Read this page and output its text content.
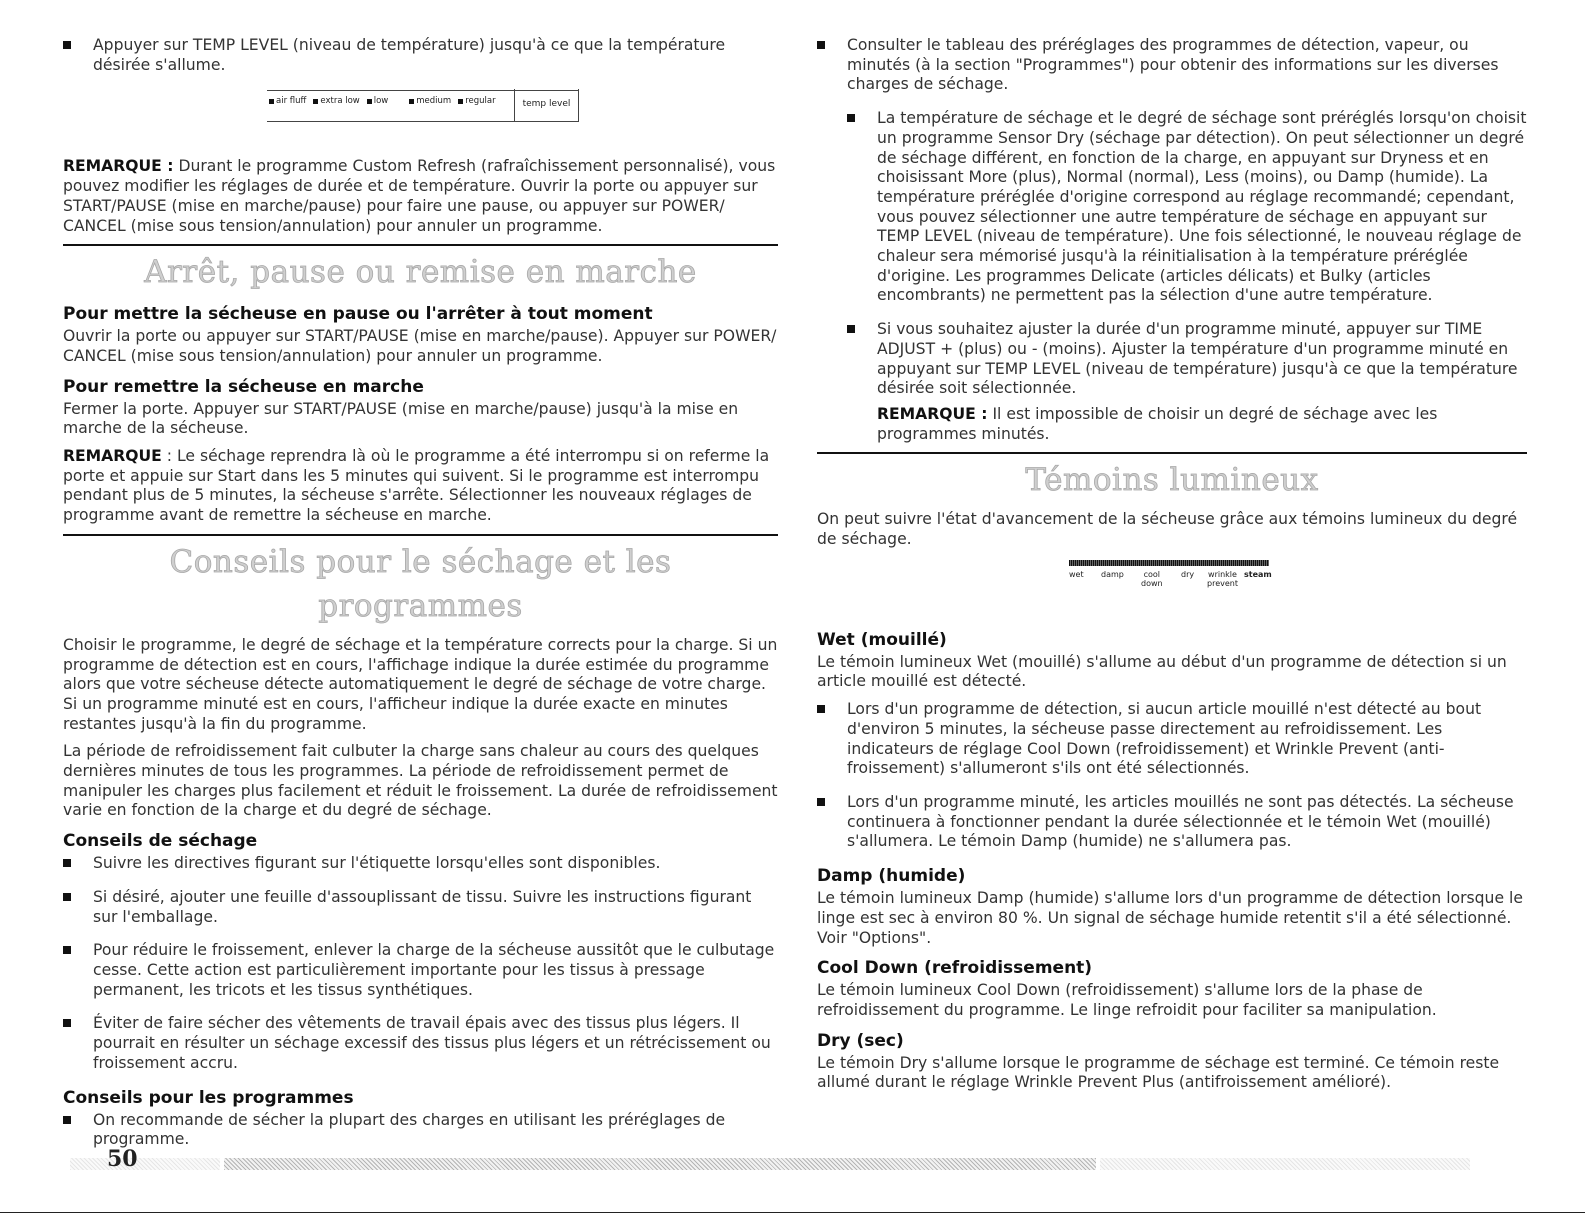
Appuyer sur TEMP LEVEL (niveau de température) jusqu'à ce que la température désirée s'allume.
air fluff extra low low	medium regular	temp level

REMARQUE : Durant le programme Custom Refresh (rafraîchissement personnalisé), vous pouvez modifier les réglages de durée et de température. Ouvrir la porte ou appuyer sur START/PAUSE (mise en marche/pause) pour faire une pause, ou appuyer sur POWER/ CANCEL (mise sous tension/annulation) pour annuler un programme.

Arrêt, pause ou remise en marche
Pour mettre la sécheuse en pause ou l'arrêter à tout moment

Ouvrir la porte ou appuyer sur START/PAUSE (mise en marche/pause). Appuyer sur POWER/ CANCEL (mise sous tension/annulation) pour annuler un programme.

Pour remettre la sécheuse en marche

Fermer la porte. Appuyer sur START/PAUSE (mise en marche/pause) jusqu'à la mise en marche de la sécheuse.

REMARQUE : Le séchage reprendra là où le programme a été interrompu si on referme la porte et appuie sur Start dans les 5 minutes qui suivent. Si le programme est interrompu pendant plus de 5 minutes, la sécheuse s'arrête. Sélectionner les nouveaux réglages de programme avant de remettre la sécheuse en marche.

Conseils pour le séchage et les programmes

Choisir le programme, le degré de séchage et la température corrects pour la charge. Si un programme de détection est en cours, l'affichage indique la durée estimée du programme alors que votre sécheuse détecte automatiquement le degré de séchage de votre charge. Si un programme minuté est en cours, l'afficheur indique la durée exacte en minutes restantes jusqu'à la fin du programme.

La période de refroidissement fait culbuter la charge sans chaleur au cours des quelques dernières minutes de tous les programmes. La période de refroidissement permet de manipuler les charges plus facilement et réduit le froissement. La durée de refroidissement varie en fonction de la charge et du degré de séchage.

Conseils de séchage
Suivre les directives figurant sur l'étiquette lorsqu'elles sont disponibles.
Si désiré, ajouter une feuille d'assouplissant de tissu. Suivre les instructions figurant sur l'emballage.
Pour réduire le froissement, enlever la charge de la sécheuse aussitôt que le culbutage cesse. Cette action est particulièrement importante pour les tissus à pressage permanent, les tricots et les tissus synthétiques.
Éviter de faire sécher des vêtements de travail épais avec des tissus plus légers. Il pourrait en résulter un séchage excessif des tissus plus légers et un rétrécissement ou froissement accru.
Conseils pour les programmes
On recommande de sécher la plupart des charges en utilisant les préréglages de programme.
Consulter le tableau des préréglages des programmes de détection, vapeur, ou minutés (à la section "Programmes") pour obtenir des informations sur les diverses charges de séchage.
La température de séchage et le degré de séchage sont préréglés lorsqu'on choisit un programme Sensor Dry (séchage par détection). On peut sélectionner un degré de séchage différent, en fonction de la charge, en appuyant sur Dryness et en choisissant More (plus), Normal (normal), Less (moins), ou Damp (humide). La température préréglée d'origine correspond au réglage recommandé; cependant, vous pouvez sélectionner une autre température de séchage en appuyant sur TEMP LEVEL (niveau de température). Une fois sélectionné, le nouveau réglage de chaleur sera mémorisé jusqu'à la réinitialisation à la température préréglée d'origine. Les programmes Delicate (articles délicats) et Bulky (articles encombrants) ne permettent pas la sélection d'une autre température.
Si vous souhaitez ajuster la durée d'un programme minuté, appuyer sur TIME ADJUST + (plus) ou - (moins). Ajuster la température d'un programme minuté en appuyant sur TEMP LEVEL (niveau de température) jusqu'à ce que la température désirée soit sélectionnée.

REMARQUE : Il est impossible de choisir un degré de séchage avec les programmes minutés.

Témoins lumineux

On peut suivre l'état d'avancement de la sécheuse grâce aux témoins lumineux du degré de séchage.

wet damp	cool
down
dry wrinkle
prevent
steam
Wet (mouillé)

Le témoin lumineux Wet (mouillé) s'allume au début d'un programme de détection si un article mouillé est détecté.

Lors d'un programme de détection, si aucun article mouillé n'est détecté au bout d'environ 5 minutes, la sécheuse passe directement au refroidissement. Les indicateurs de réglage Cool Down (refroidissement) et Wrinkle Prevent (anti-froissement) s'allumeront s'ils ont été sélectionnés.
Lors d'un programme minuté, les articles mouillés ne sont pas détectés. La sécheuse continuera à fonctionner pendant la durée sélectionnée et le témoin Wet (mouillé) s'allumera. Le témoin Damp (humide) ne s'allumera pas.
Damp (humide)

Le témoin lumineux Damp (humide) s'allume lors d'un programme de détection lorsque le linge est sec à environ 80 %. Un signal de séchage humide retentit s'il a été sélectionné. Voir "Options".

Cool Down (refroidissement)

Le témoin lumineux Cool Down (refroidissement) s'allume lors de la phase de refroidissement du programme. Le linge refroidit pour faciliter sa manipulation.

Dry (sec)

Le témoin Dry s'allume lorsque le programme de séchage est terminé. Ce témoin reste allumé durant le réglage Wrinkle Prevent Plus (antifroissement amélioré).

50
